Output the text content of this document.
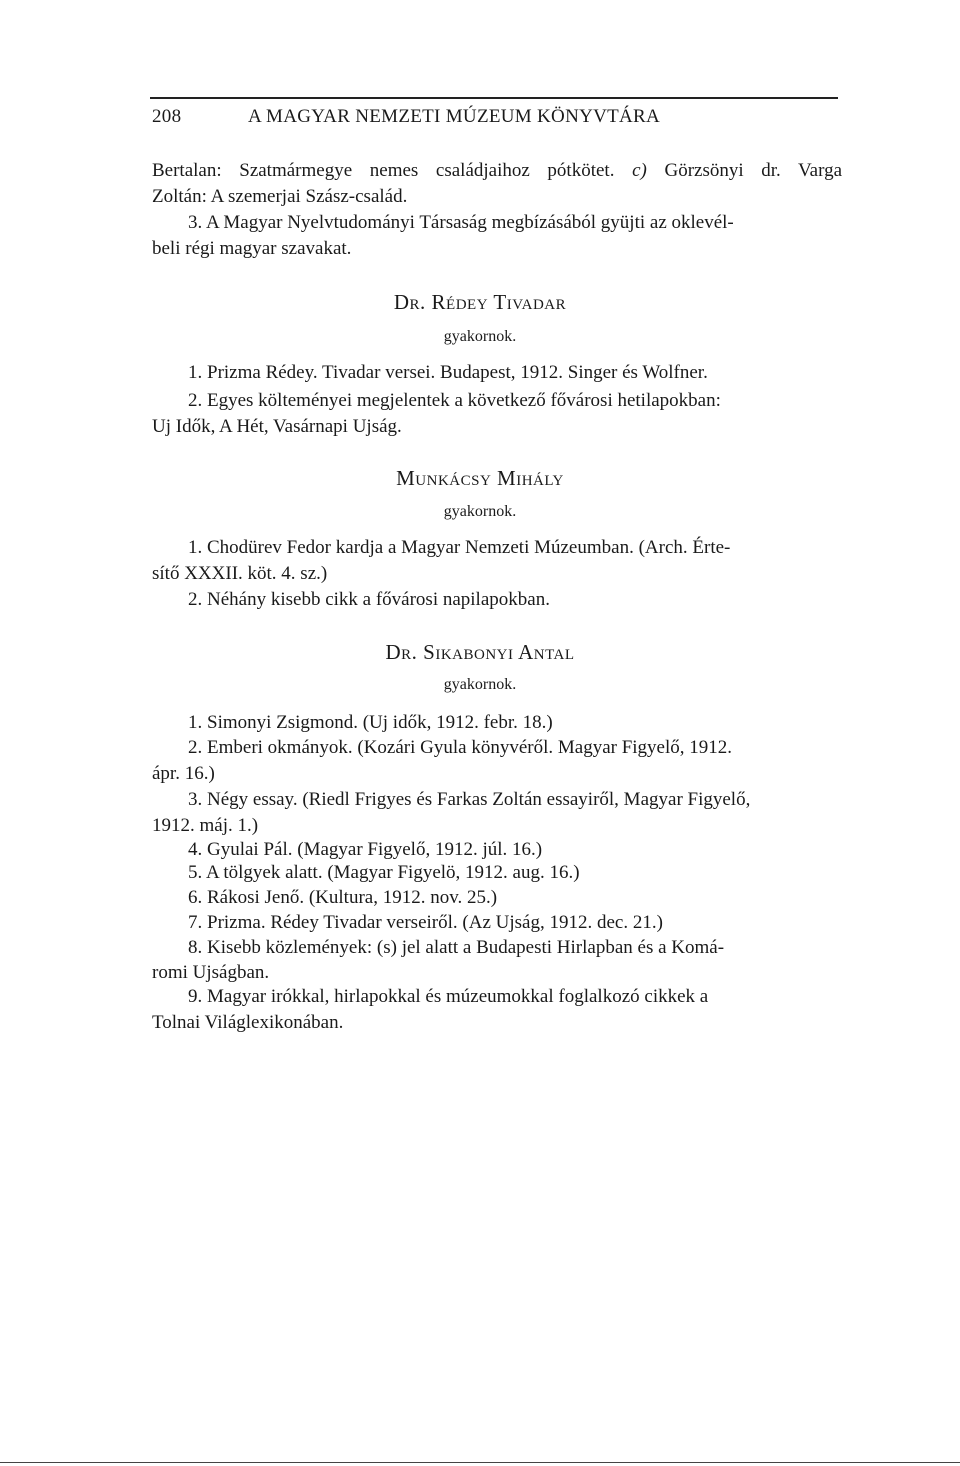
208	A MAGYAR NEMZETI MÚZEUM KÖNYVTÁRA
Bertalan: Szatmármegye nemes családjaihoz pótkötet. c) Görzsönyi dr. Varga
Zoltán: A szemerjai Szász-család.
3. A Magyar Nyelvtudományi Társaság megbízásából gyüjti az oklevél-
beli régi magyar szavakat.
Dr. Rédey Tivadar
gyakornok.
1. Prizma Rédey. Tivadar versei. Budapest, 1912. Singer és Wolfner.
2. Egyes költeményei megjelentek a következő fővárosi hetilapokban:
Uj Idők, A Hét, Vasárnapi Ujság.
Munkácsy Mihály
gyakornok.
1. Chodürev Fedor kardja a Magyar Nemzeti Múzeumban. (Arch. Érte-
sítő XXXII. köt. 4. sz.)
2. Néhány kisebb cikk a fővárosi napilapokban.
Dr. Sikabonyi Antal
gyakornok.
1. Simonyi Zsigmond. (Uj idők, 1912. febr. 18.)
2. Emberi okmányok. (Kozári Gyula könyvéről. Magyar Figyelő, 1912.
ápr. 16.)
3. Négy essay. (Riedl Frigyes és Farkas Zoltán essayiről, Magyar Figyelő,
1912. máj. 1.)
4. Gyulai Pál. (Magyar Figyelő, 1912. júl. 16.)
5. A tölgyek alatt. (Magyar Figyelö, 1912. aug. 16.)
6. Rákosi Jenő. (Kultura, 1912. nov. 25.)
7. Prizma. Rédey Tivadar verseiről. (Az Ujság, 1912. dec. 21.)
8. Kisebb közlemények: (s) jel alatt a Budapesti Hirlapban és a Komá-
romi Ujságban.
9. Magyar irókkal, hirlapokkal és múzeumokkal foglalkozó cikkek a
Tolnai Világlexikonában.
